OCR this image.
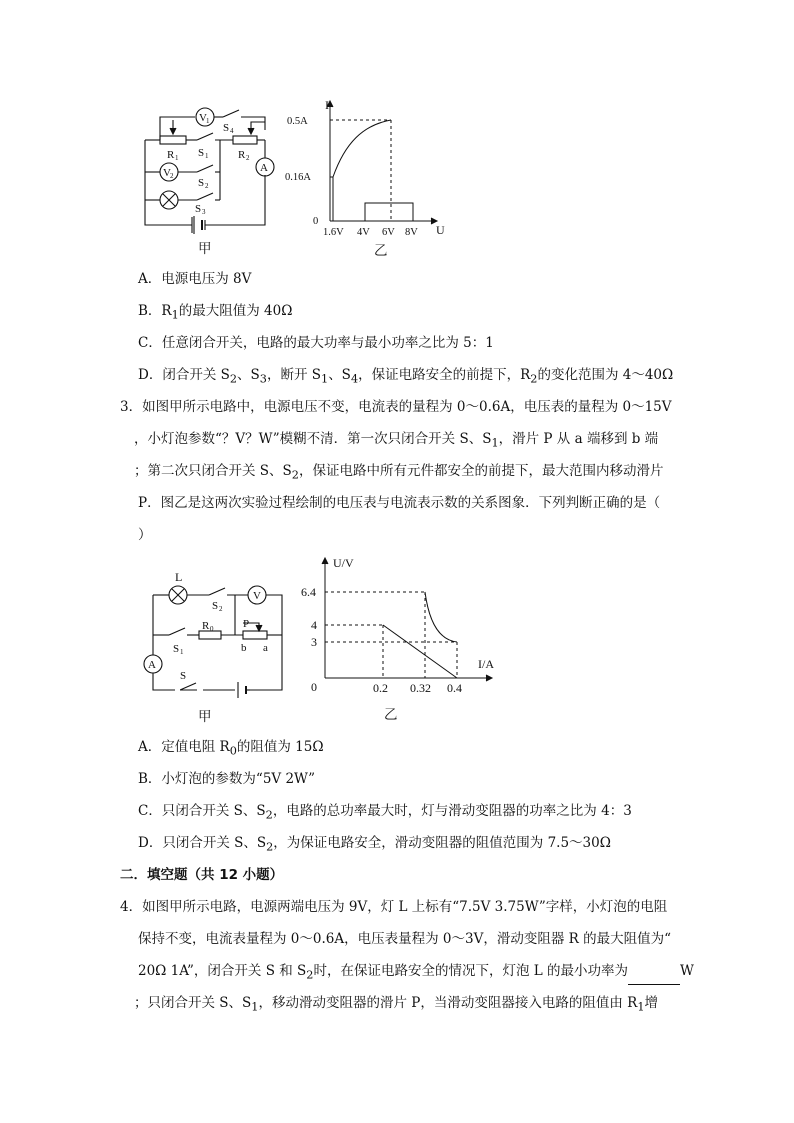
V 1
S 4
R 1 S 1	R 2
A
V 2
S 2
S 3
甲
I
U
0.5A
0.16A
0
1.6V 4V 6V 8V
乙
A．电源电压为 8V
B．$R_1$的最大阻值为 40Ω
C．任意闭合开关，电路的最大功率与最小功率之比为 5：1
D．闭合开关 $S_2$、$S_3$，断开 $S_1$、$S_4$，保证电路安全的前提下，$R_2$的变化范围为 4～40Ω
3．如图甲所示电路中，电源电压不变，电流表的量程为 0～0.6A，电压表的量程为 0～15V
，小灯泡参数“？V？W”模糊不清．第一次只闭合开关 S、$S_1$，滑片 P 从 a 端移到 b 端
；第二次只闭合开关 S、$S_2$，保证电路中所有元件都安全的前提下，最大范围内移动滑片
P．图乙是这两次实验过程绘制的电压表与电流表示数的关系图象．下列判断正确的是（
）
L
S 2
V
R 0	P
S 1	b a
A
S
甲
U/V
I/A
6.4
4
3
0	0.2 0.32 0.4
乙
A．定值电阻 $R_0$的阻值为 15Ω
B．小灯泡的参数为“5V 2W”
C．只闭合开关 S、$S_2$，电路的总功率最大时，灯与滑动变阻器的功率之比为 4：3
D．只闭合开关 S、$S_2$，为保证电路安全，滑动变阻器的阻值范围为 7.5～30Ω
二．填空题（共 12 小题）
4．如图甲所示电路，电源两端电压为 9V，灯 L 上标有“7.5V 3.75W”字样，小灯泡的电阻
保持不变，电流表量程为 0～0.6A，电压表量程为 0～3V，滑动变阻器 R 的最大阻值为“
20Ω 1A”，闭合开关 S 和 $S_2$时，在保证电路安全的情况下，灯泡 L 的最小功率为	W
；只闭合开关 S、$S_1$，移动滑动变阻器的滑片 P，当滑动变阻器接入电路的阻值由 $R_1$增
